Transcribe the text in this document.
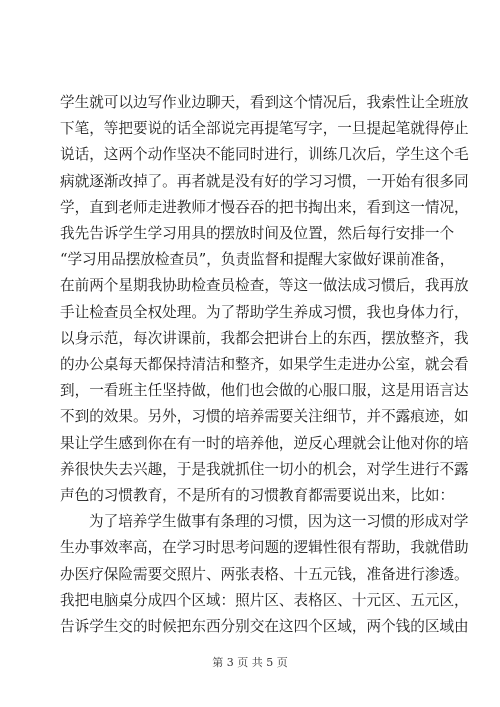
学生就可以边写作业边聊天，看到这个情况后，我索性让全班放
下笔，等把要说的话全部说完再提笔写字，一旦提起笔就得停止
说话，这两个动作坚决不能同时进行，训练几次后，学生这个毛
病就逐渐改掉了。再者就是没有好的学习习惯，一开始有很多同
学，直到老师走进教师才慢吞吞的把书掏出来，看到这一情况，
我先告诉学生学习用具的摆放时间及位置，然后每行安排一个
“学习用品摆放检查员”，负责监督和提醒大家做好课前准备，
在前两个星期我协助检查员检查，等这一做法成习惯后，我再放
手让检查员全权处理。为了帮助学生养成习惯，我也身体力行，
以身示范，每次讲课前，我都会把讲台上的东西，摆放整齐，我
的办公桌每天都保持清洁和整齐，如果学生走进办公室，就会看
到，一看班主任坚持做，他们也会做的心服口服，这是用语言达
不到的效果。另外，习惯的培养需要关注细节，并不露痕迹，如
果让学生感到你在有一时的培养他，逆反心理就会让他对你的培
养很快失去兴趣，于是我就抓住一切小的机会，对学生进行不露
声色的习惯教育，不是所有的习惯教育都需要说出来，比如：

为了培养学生做事有条理的习惯，因为这一习惯的形成对学
生办事效率高，在学习时思考问题的逻辑性很有帮助，我就借助
办医疗保险需要交照片、两张表格、十五元钱，准备进行渗透。
我把电脑桌分成四个区域：照片区、表格区、十元区、五元区，
告诉学生交的时候把东西分别交在这四个区域，两个钱的区域由

第 3 页 共 5 页
